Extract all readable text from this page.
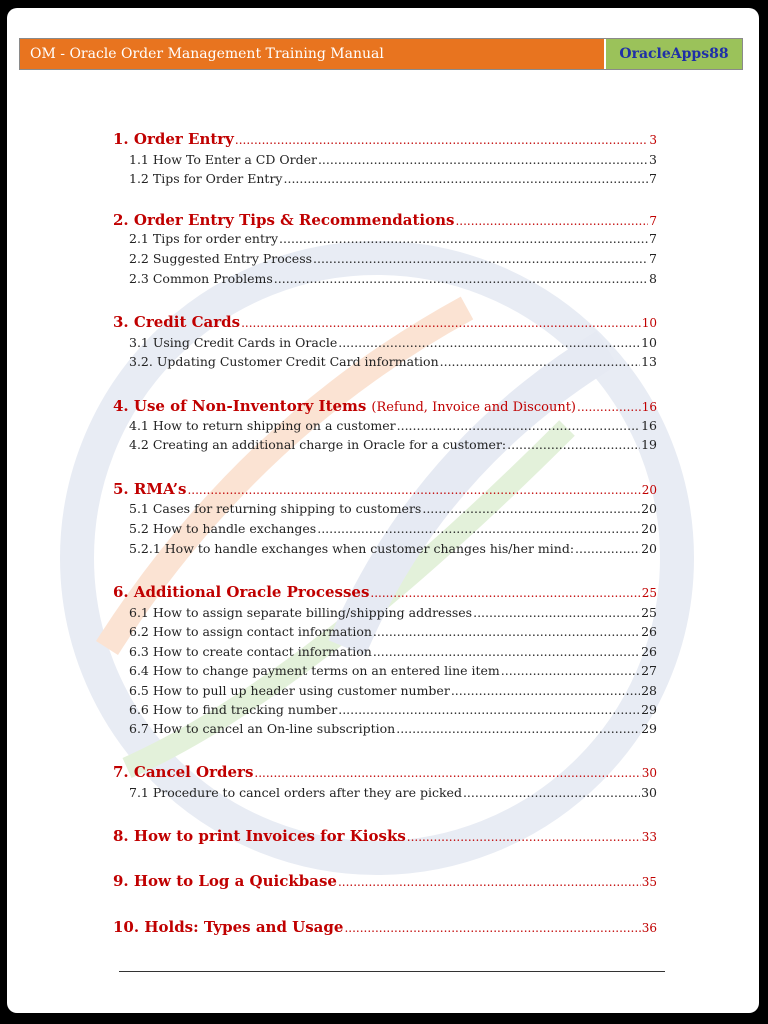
OM - Oracle Order Management Training Manual	OracleApps88
1. Order Entry .....	3
1.1 How To Enter a CD Order .....	3
1.2 Tips for Order Entry .....	7
2. Order Entry Tips & Recommendations .....	7
2.1 Tips for order entry .....	7
2.2 Suggested Entry Process .....	7
2.3 Common Problems .....	8
3. Credit Cards .....	10
3.1 Using Credit Cards in Oracle .....	10
3.2. Updating Customer Credit Card information .....	13
4. Use of Non-Inventory Items (Refund, Invoice and Discount) .....	16
4.1 How to return shipping on a customer .....	16
4.2 Creating an additional charge in Oracle for a customer: .....	19
5. RMA’s .....	20
5.1 Cases for returning shipping to customers .....	20
5.2 How to handle exchanges .....	20
5.2.1 How to handle exchanges when customer changes his/her mind: .....	20
6. Additional Oracle Processes .....	25
6.1 How to assign separate billing/shipping addresses .....	25
6.2 How to assign contact information .....	26
6.3 How to create contact information .....	26
6.4 How to change payment terms on an entered line item .....	27
6.5 How to pull up header using customer number .....	28
6.6 How to find tracking number .....	29
6.7 How to cancel an On-line subscription .....	29
7. Cancel Orders .....	30
7.1 Procedure to cancel orders after they are picked .....	30
8. How to print Invoices for Kiosks .....	33
9. How to Log a Quickbase .....	35
10. Holds: Types and Usage .....	36
